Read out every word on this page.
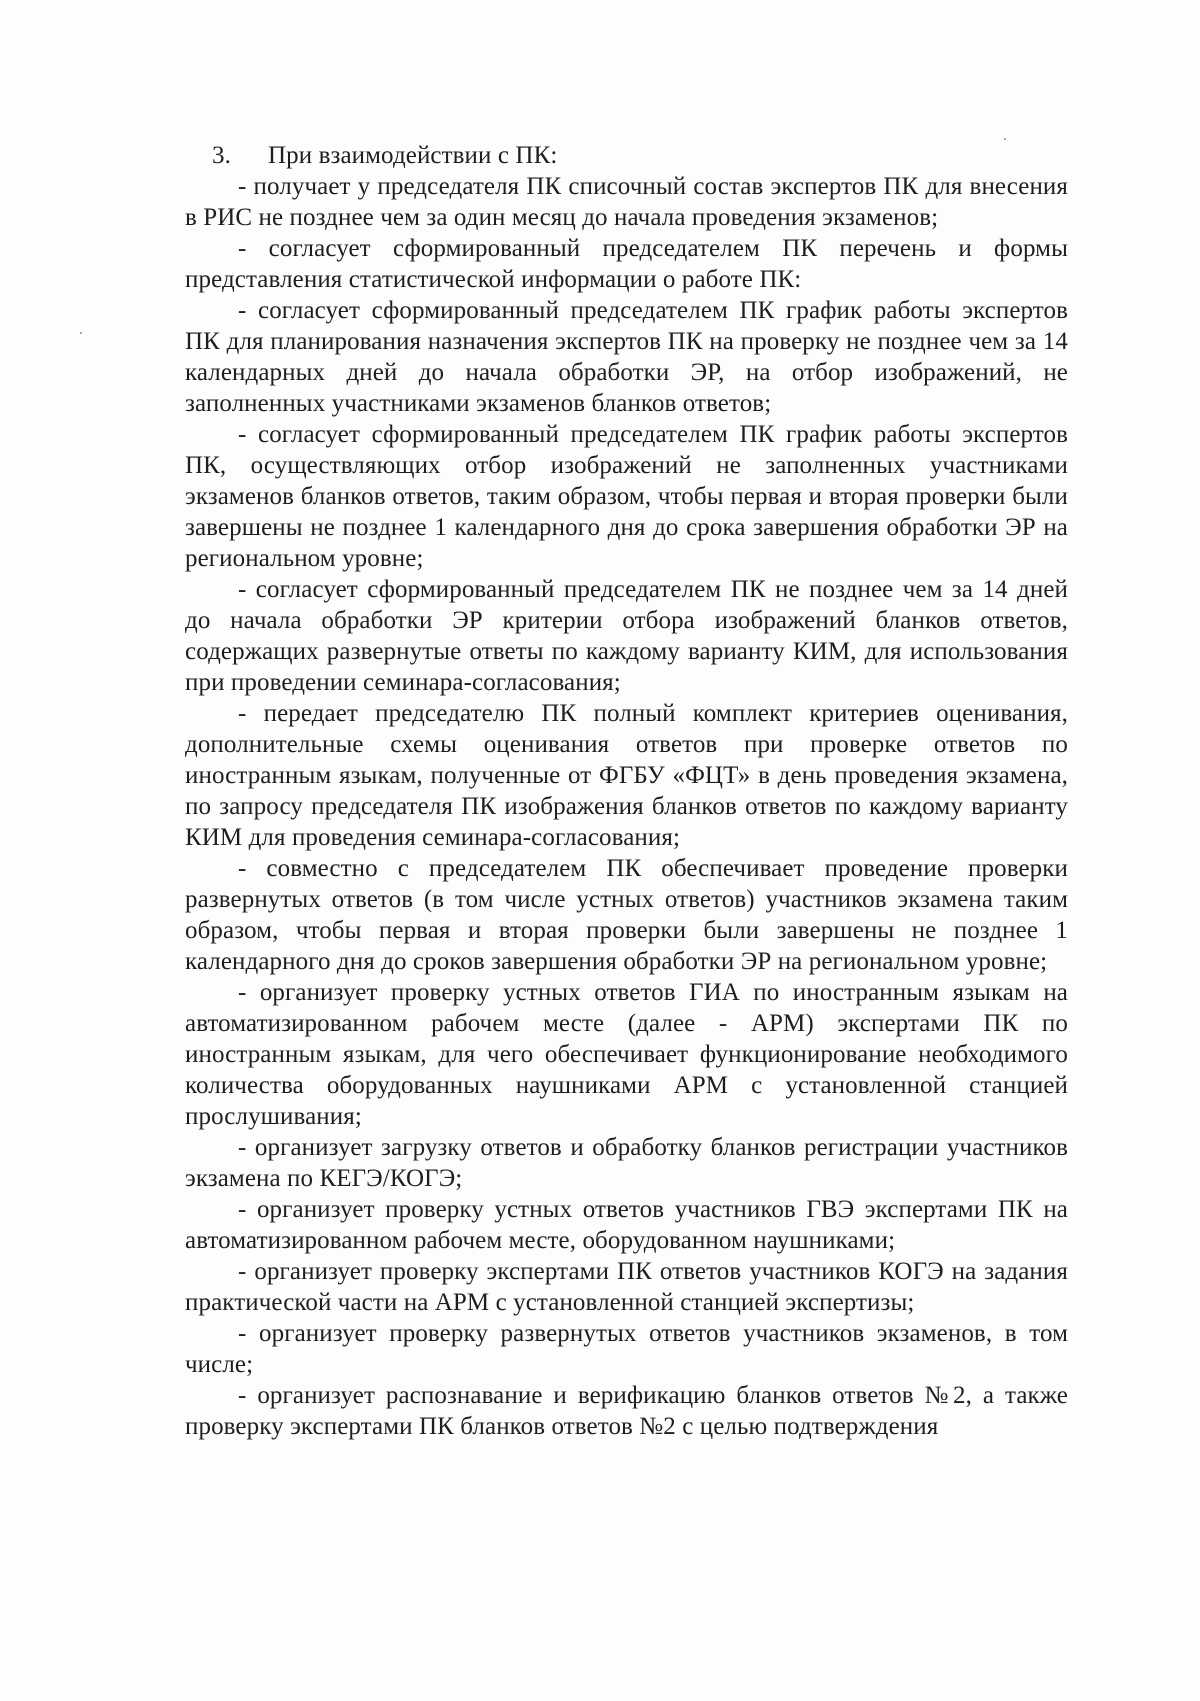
3. При взаимодействии с ПК:

- получает у председателя ПК списочный состав экспертов ПК для внесения в РИС не позднее чем за один месяц до начала проведения экзаменов;

- согласует сформированный председателем ПК перечень и формы представления статистической информации о работе ПК:

- согласует сформированный председателем ПК график работы экспертов ПК для планирования назначения экспертов ПК на проверку не позднее чем за 14 календарных дней до начала обработки ЭР, на отбор изображений, не заполненных участниками экзаменов бланков ответов;

- согласует сформированный председателем ПК график работы экспертов ПК, осуществляющих отбор изображений не заполненных участниками экзаменов бланков ответов, таким образом, чтобы первая и вторая проверки были завершены не позднее 1 календарного дня до срока завершения обработки ЭР на региональном уровне;

- согласует сформированный председателем ПК не позднее чем за 14 дней до начала обработки ЭР критерии отбора изображений бланков ответов, содержащих развернутые ответы по каждому варианту КИМ, для использования при проведении семинара-согласования;

- передает председателю ПК полный комплект критериев оценивания, дополнительные схемы оценивания ответов при проверке ответов по иностранным языкам, полученные от ФГБУ «ФЦТ» в день проведения экзамена, по запросу председателя ПК изображения бланков ответов по каждому варианту КИМ для проведения семинара-согласования;

- совместно с председателем ПК обеспечивает проведение проверки развернутых ответов (в том числе устных ответов) участников экзамена таким образом, чтобы первая и вторая проверки были завершены не позднее 1 календарного дня до сроков завершения обработки ЭР на региональном уровне;

- организует проверку устных ответов ГИА по иностранным языкам на автоматизированном рабочем месте (далее - АРМ) экспертами ПК по иностранным языкам, для чего обеспечивает функционирование необходимого количества оборудованных наушниками АРМ с установленной станцией прослушивания;

- организует загрузку ответов и обработку бланков регистрации участников экзамена по КЕГЭ/КОГЭ;

- организует проверку устных ответов участников ГВЭ экспертами ПК на автоматизированном рабочем месте, оборудованном наушниками;

- организует проверку экспертами ПК ответов участников КОГЭ на задания практической части на АРМ с установленной станцией экспертизы;

- организует проверку развернутых ответов участников экзаменов, в том числе;

- организует распознавание и верификацию бланков ответов №2, а также проверку экспертами ПК бланков ответов №2 с целью подтверждения
